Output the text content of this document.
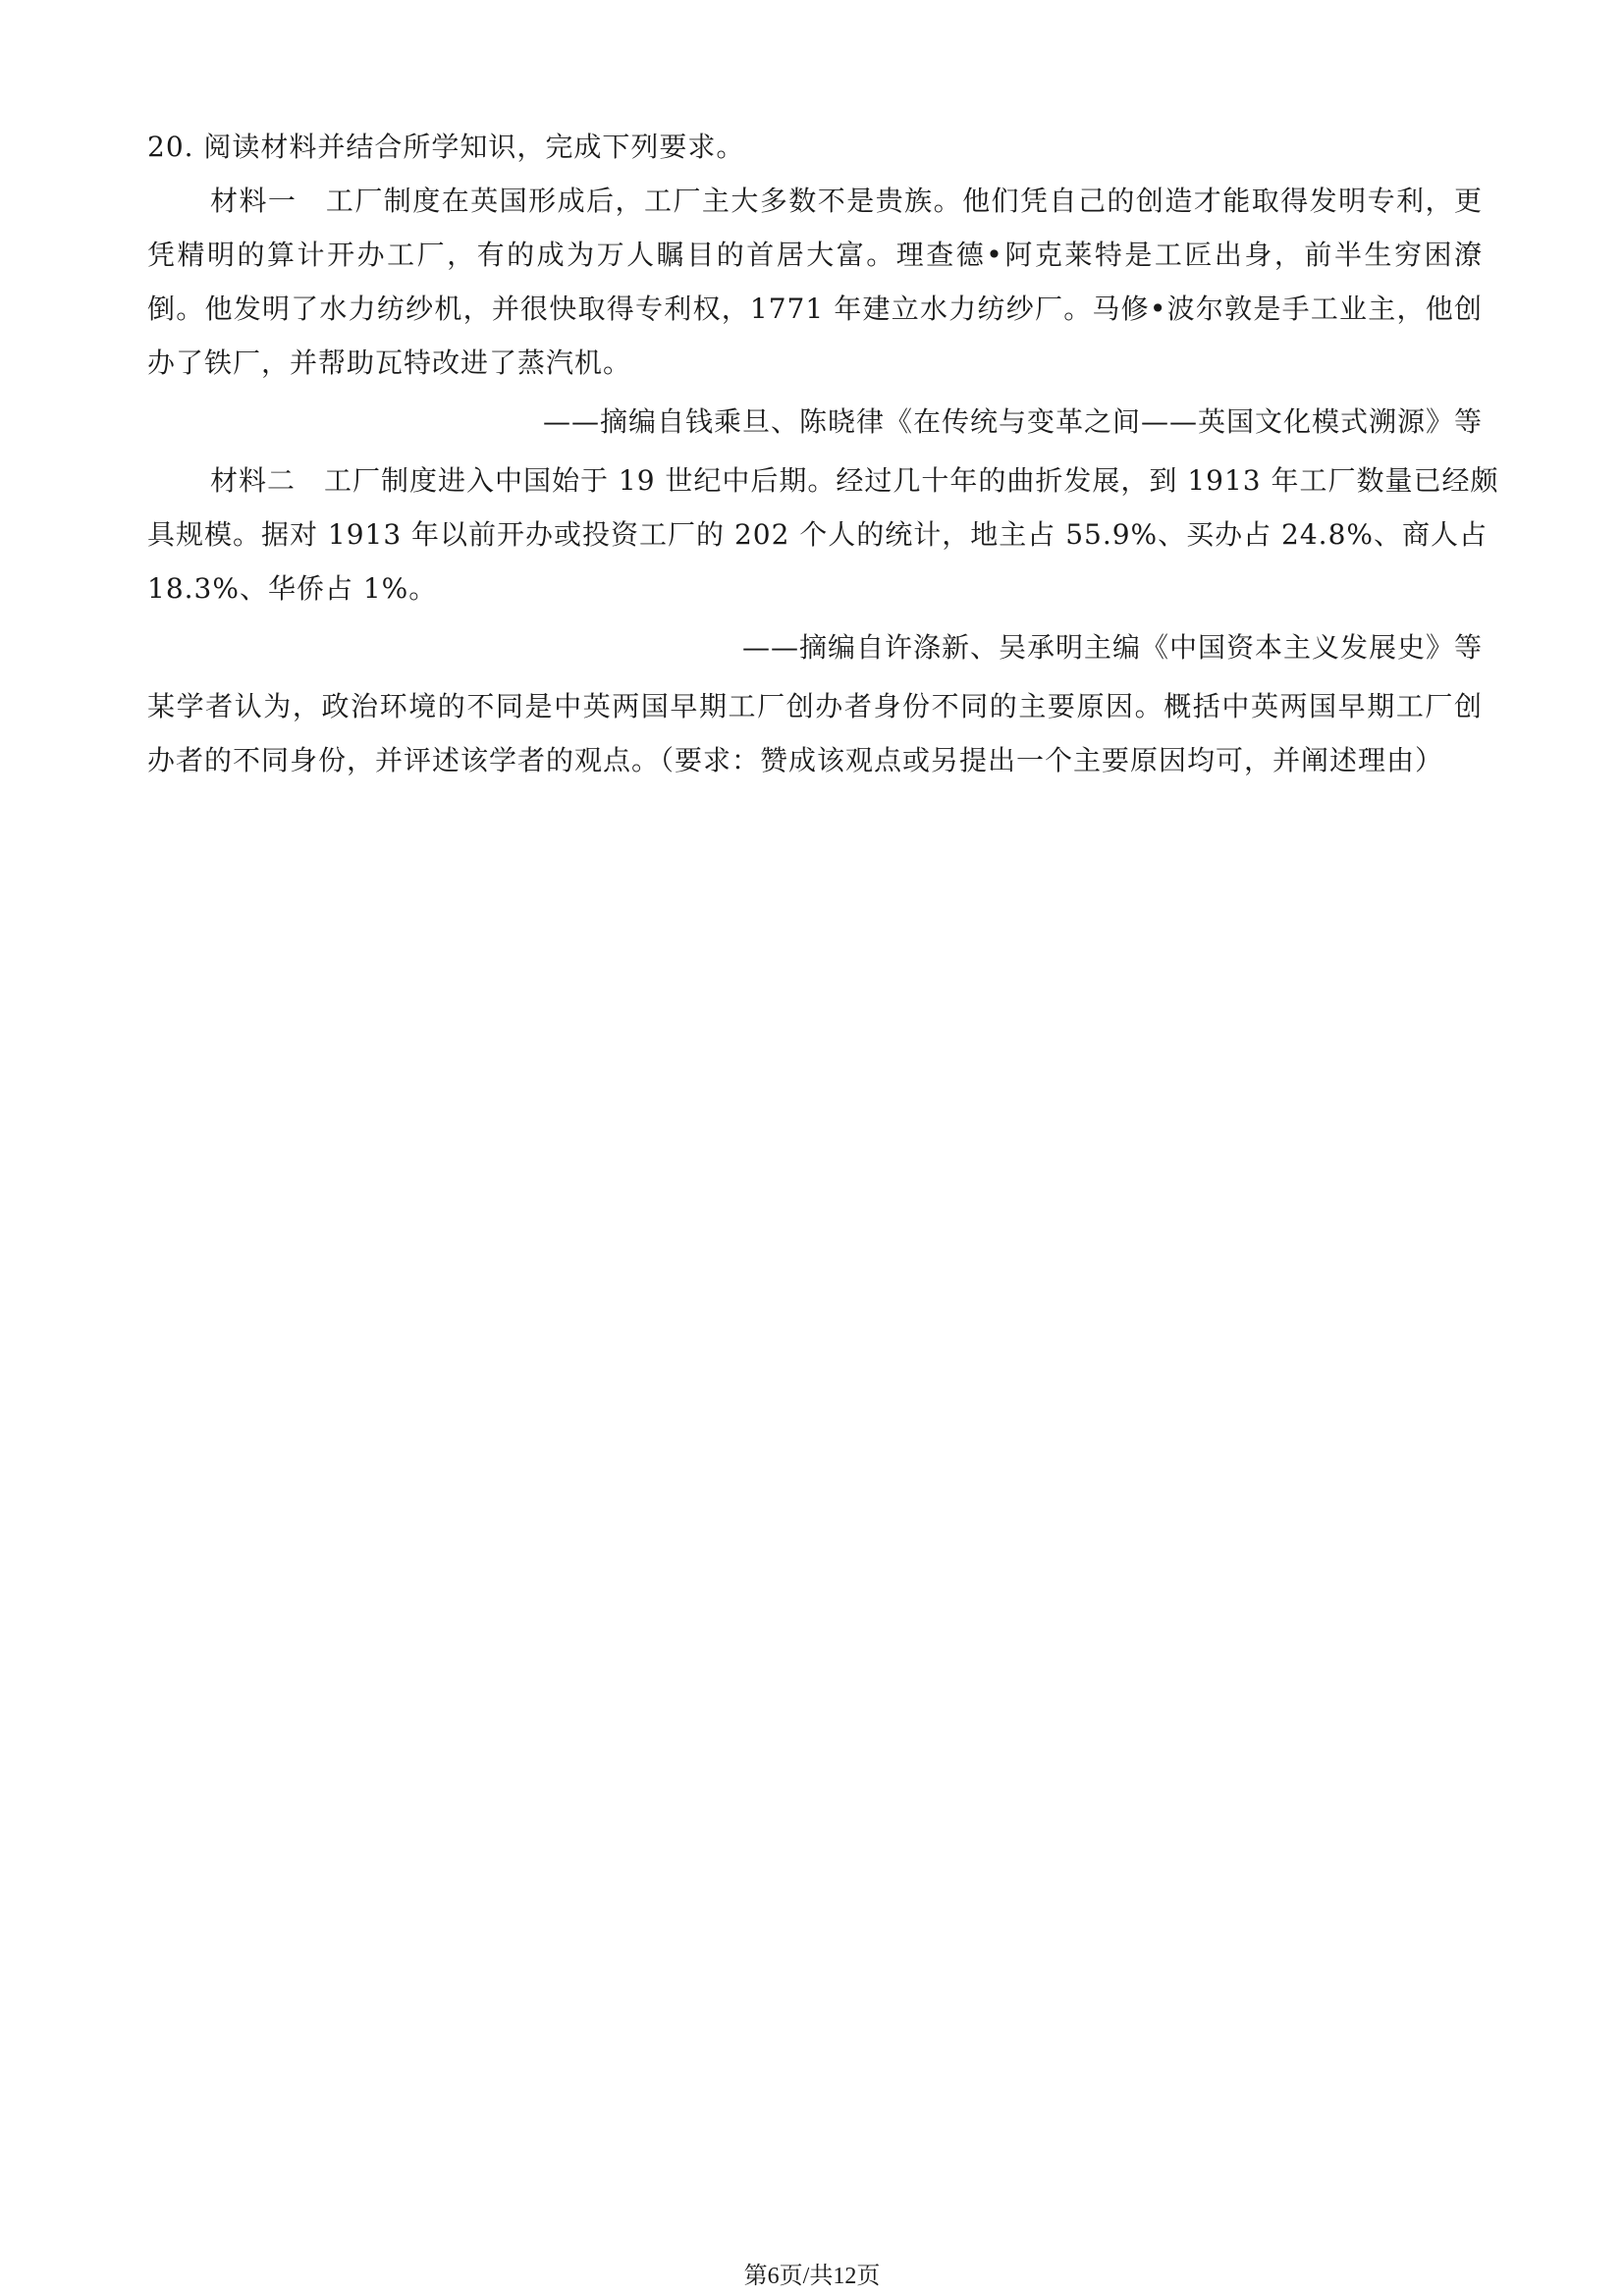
20. 阅读材料并结合所学知识，完成下列要求。
材料一　工厂制度在英国形成后，工厂主大多数不是贵族。他们凭自己的创造才能取得发明专利，更
凭精明的算计开办工厂，有的成为万人瞩目的首居大富。理查德•阿克莱特是工匠出身，前半生穷困潦
倒。他发明了水力纺纱机，并很快取得专利权，1771 年建立水力纺纱厂。马修•波尔敦是手工业主，他创
办了铁厂，并帮助瓦特改进了蒸汽机。
——摘编自钱乘旦、陈晓律《在传统与变革之间——英国文化模式溯源》等
材料二　工厂制度进入中国始于 19 世纪中后期。经过几十年的曲折发展，到 1913 年工厂数量已经颇
具规模。据对 1913 年以前开办或投资工厂的 202 个人的统计，地主占 55.9%、买办占 24.8%、商人占
18.3%、华侨占 1%。
——摘编自许涤新、吴承明主编《中国资本主义发展史》等
某学者认为，政治环境的不同是中英两国早期工厂创办者身份不同的主要原因。概括中英两国早期工厂创
办者的不同身份，并评述该学者的观点。（要求：赞成该观点或另提出一个主要原因均可，并阐述理由）
第6页/共12页
